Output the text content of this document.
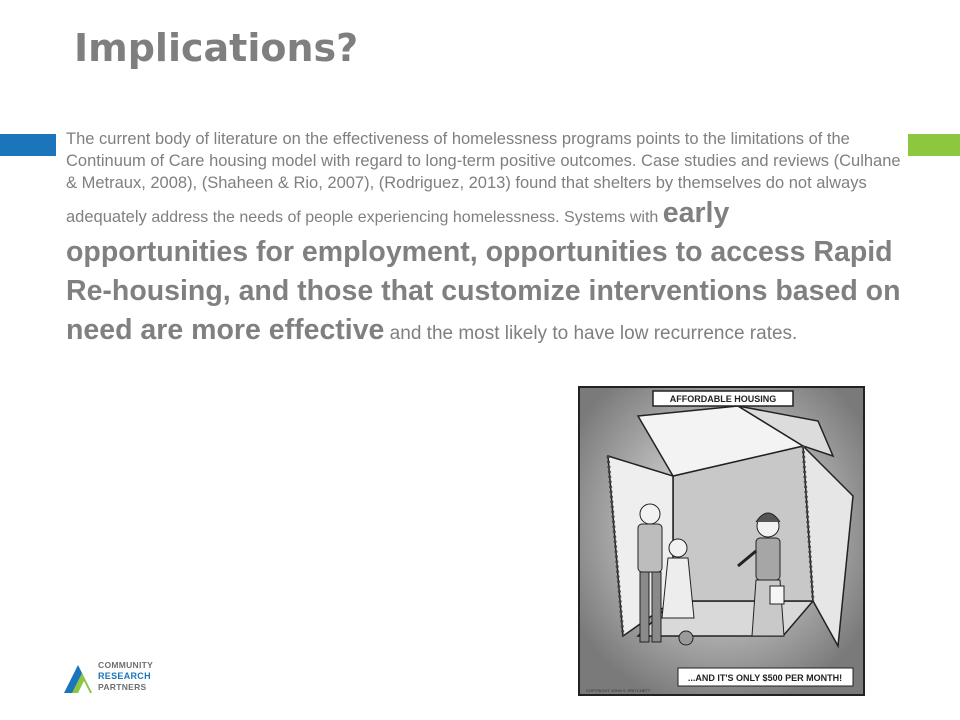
Implications?

The current body of literature on the effectiveness of homelessness programs points to the limitations of the Continuum of Care housing model with regard to long-term positive outcomes. Case studies and reviews (Culhane & Metraux, 2008), (Shaheen & Rio, 2007), (Rodriguez, 2013) found that shelters by themselves do not always adequately address the needs of people experiencing homelessness. Systems with early opportunities for employment, opportunities to access Rapid Re-housing, and those that customize interventions based on need are more effective and the most likely to have low recurrence rates.

AFFORDABLE HOUSING
...AND IT'S ONLY $500 PER MONTH!
COPYRIGHT JOHN S. PRITCHETT
COMMUNITY
RESEARCH
PARTNERS
